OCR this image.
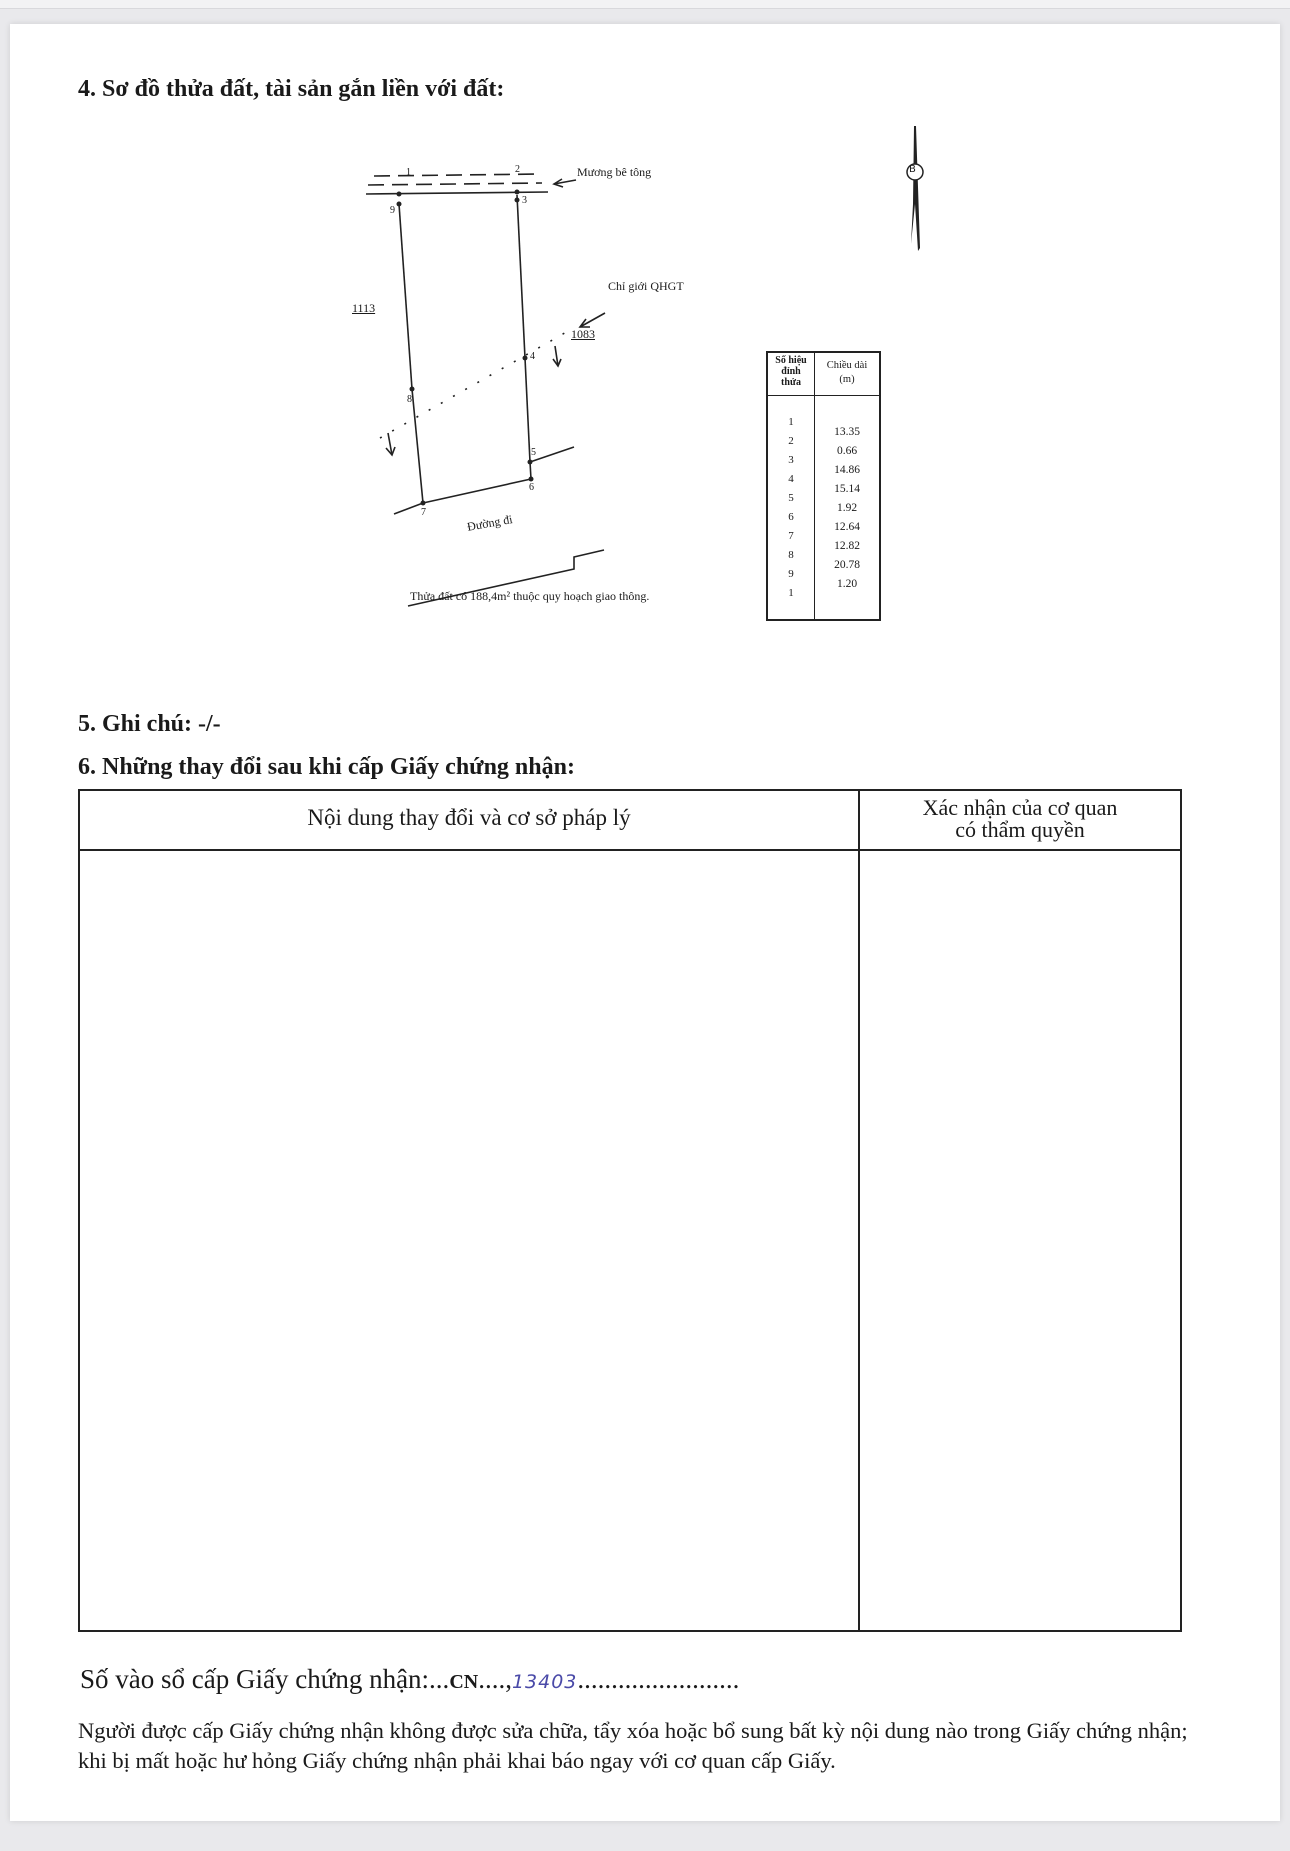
4. Sơ đồ thửa đất, tài sản gắn liền với đất:
Mương bê tông
Chỉ giới QHGT
1113
1083
Đường đi
Thửa đất có 188,4m² thuộc quy hoạch giao thông.
B
1	2
3
4
5
6
7
8
9
Số hiệu
đỉnh
thửa
Chiều dài
(m)
1
2
3
4
5
6
7
8
9
1
13.35
0.66
14.86
15.14
1.92
12.64
12.82
20.78
1.20
5. Ghi chú: -/-
6. Những thay đổi sau khi cấp Giấy chứng nhận:
Nội dung thay đổi và cơ sở pháp lý	Xác nhận của cơ quan
có thẩm quyền
Số vào sổ cấp Giấy chứng nhận:...CN....,13403........................
Người được cấp Giấy chứng nhận không được sửa chữa, tẩy xóa hoặc bổ sung bất kỳ nội dung nào trong Giấy chứng nhận; khi bị mất hoặc hư hỏng Giấy chứng nhận phải khai báo ngay với cơ quan cấp Giấy.
